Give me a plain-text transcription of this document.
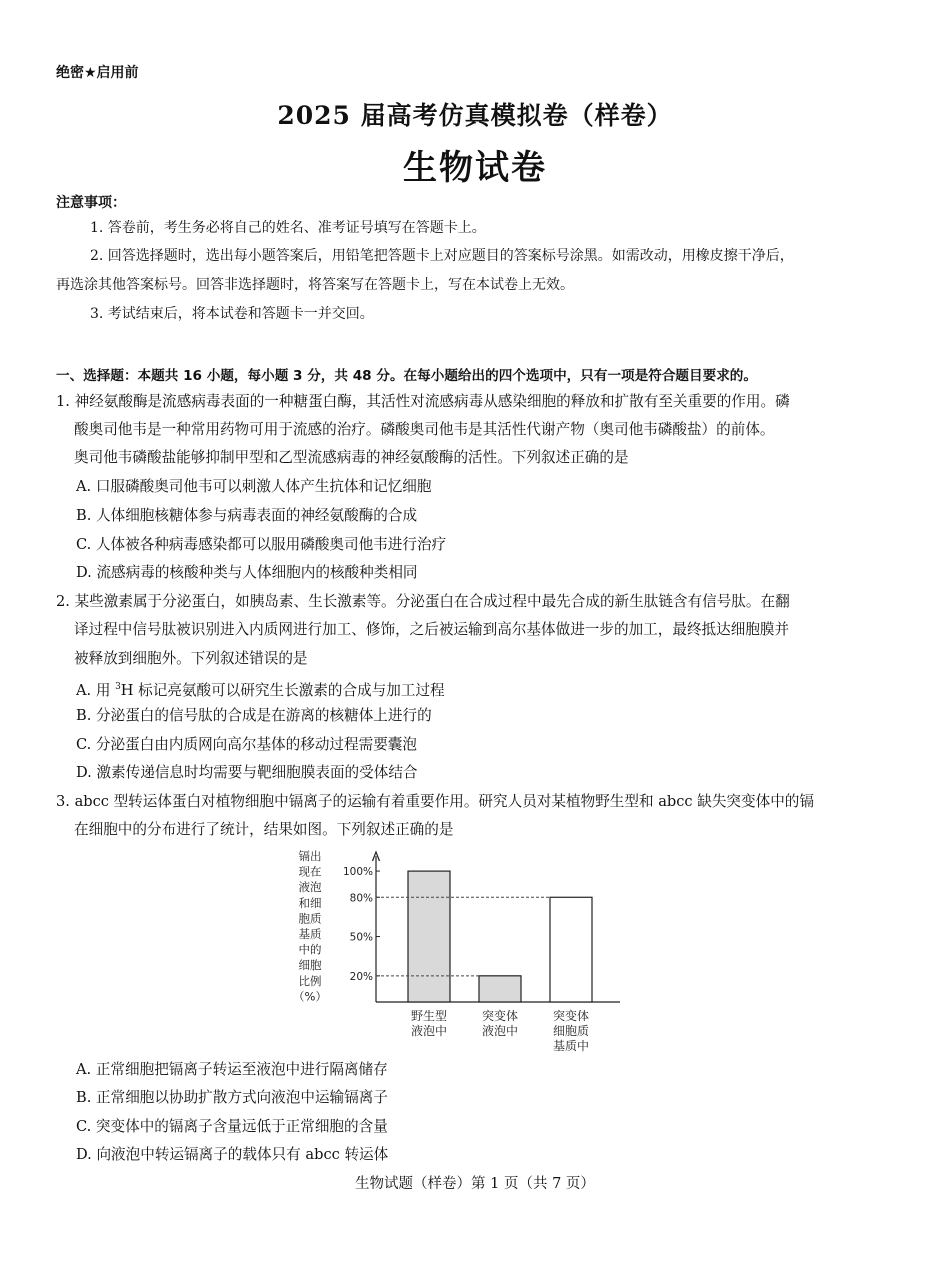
绝密★启用前
2025 届高考仿真模拟卷（样卷）
生物试卷
注意事项：
1. 答卷前，考生务必将自己的姓名、准考证号填写在答题卡上。
2. 回答选择题时，选出每小题答案后，用铅笔把答题卡上对应题目的答案标号涂黑。如需改动，用橡皮擦干净后，
再选涂其他答案标号。回答非选择题时，将答案写在答题卡上，写在本试卷上无效。
3. 考试结束后，将本试卷和答题卡一并交回。
一、选择题：本题共 16 小题，每小题 3 分，共 48 分。在每小题给出的四个选项中，只有一项是符合题目要求的。
1. 神经氨酸酶是流感病毒表面的一种糖蛋白酶，其活性对流感病毒从感染细胞的释放和扩散有至关重要的作用。磷
酸奥司他韦是一种常用药物可用于流感的治疗。磷酸奥司他韦是其活性代谢产物（奥司他韦磷酸盐）的前体。
奥司他韦磷酸盐能够抑制甲型和乙型流感病毒的神经氨酸酶的活性。下列叙述正确的是
A. 口服磷酸奥司他韦可以刺激人体产生抗体和记忆细胞
B. 人体细胞核糖体参与病毒表面的神经氨酸酶的合成
C. 人体被各种病毒感染都可以服用磷酸奥司他韦进行治疗
D. 流感病毒的核酸种类与人体细胞内的核酸种类相同
2. 某些激素属于分泌蛋白，如胰岛素、生长激素等。分泌蛋白在合成过程中最先合成的新生肽链含有信号肽。在翻
译过程中信号肽被识别进入内质网进行加工、修饰，之后被运输到高尔基体做进一步的加工，最终抵达细胞膜并
被释放到细胞外。下列叙述错误的是
A. 用 $^3$H 标记亮氨酸可以研究生长激素的合成与加工过程
B. 分泌蛋白的信号肽的合成是在游离的核糖体上进行的
C. 分泌蛋白由内质网向高尔基体的移动过程需要囊泡
D. 激素传递信息时均需要与靶细胞膜表面的受体结合
3. abcc 型转运体蛋白对植物细胞中镉离子的运输有着重要作用。研究人员对某植物野生型和 abcc 缺失突变体中的镉
在细胞中的分布进行了统计，结果如图。下列叙述正确的是
镉出
现在
液泡
和细
胞质
基质
中的
细胞
比例
（%）
100%
80%
50%
20%
野生型
液泡中
突变体
液泡中
突变体
细胞质
基质中
A. 正常细胞把镉离子转运至液泡中进行隔离储存
B. 正常细胞以协助扩散方式向液泡中运输镉离子
C. 突变体中的镉离子含量远低于正常细胞的含量
D. 向液泡中转运镉离子的载体只有 abcc 转运体
生物试题（样卷）第 1 页（共 7 页）
